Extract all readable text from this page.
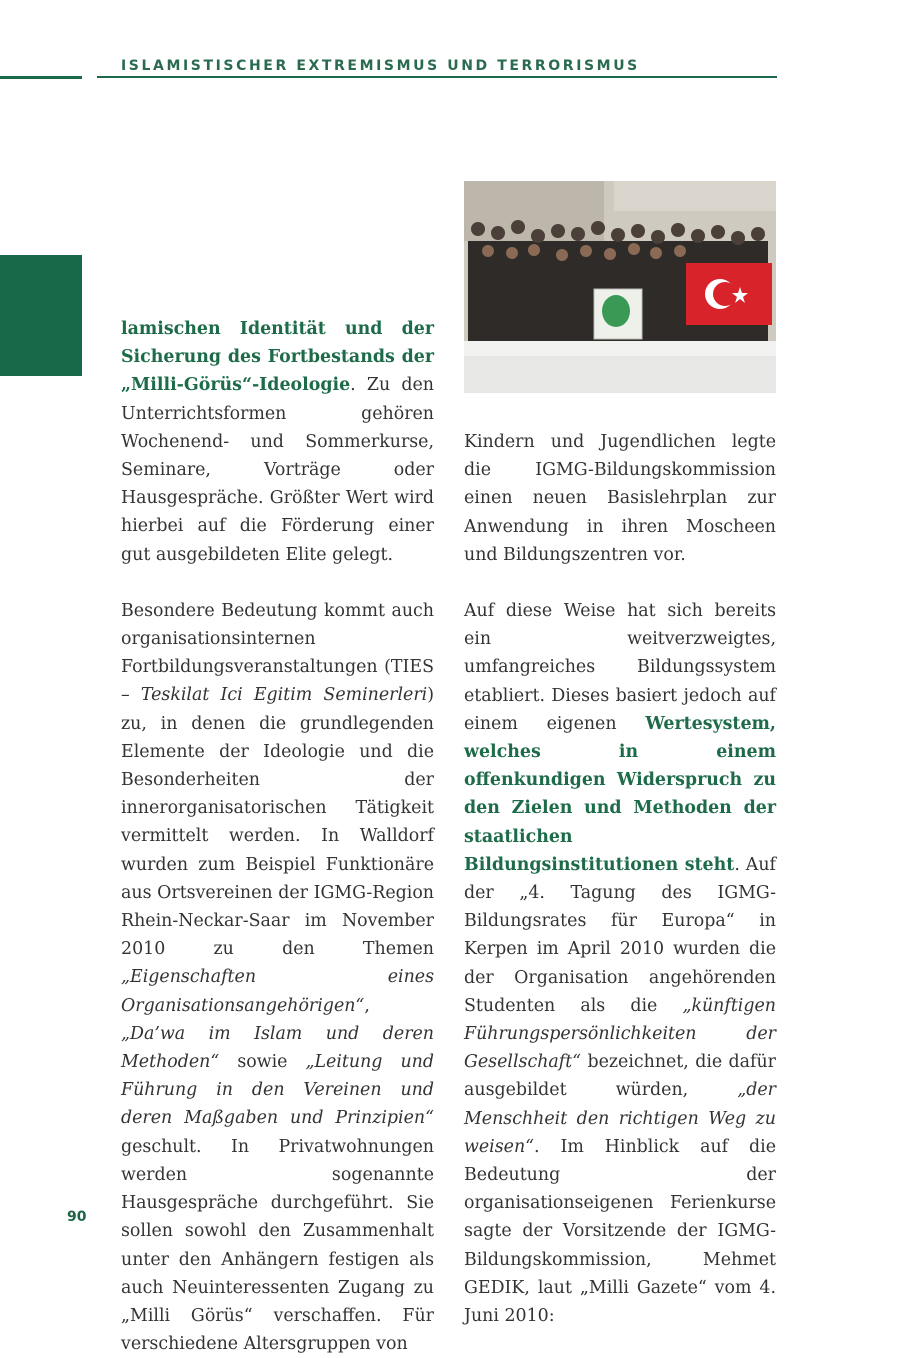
ISLAMISTISCHER EXTREMISMUS UND TERRORISMUS

lamischen Identität und der Sicherung des Fortbestands der „Milli-Görüs“-Ideologie. Zu den Unterrichtsformen gehören Wochenend- und Sommerkurse, Seminare, Vorträge oder Hausgespräche. Größter Wert wird hierbei auf die Förderung einer gut ausgebildeten Elite gelegt.

Besondere Bedeutung kommt auch organisationsinternen Fortbildungsveranstaltungen (TIES – Teskilat Ici Egitim Seminerleri) zu, in denen die grundlegenden Elemente der Ideologie und die Besonderheiten der innerorganisatorischen Tätigkeit vermittelt werden. In Walldorf wurden zum Beispiel Funktionäre aus Ortsvereinen der IGMG-Region Rhein-Neckar-Saar im November 2010 zu den Themen „Eigenschaften eines Organisationsangehörigen“, „Da’wa im Islam und deren Methoden“ sowie „Leitung und Führung in den Vereinen und deren Maßgaben und Prinzipien“ geschult. In Privatwohnungen werden sogenannte Hausgespräche durchgeführt. Sie sollen sowohl den Zusammenhalt unter den Anhängern festigen als auch Neuinteressenten Zugang zu „Milli Görüs“ verschaffen. Für verschiedene Altersgruppen von

Kindern und Jugendlichen legte die IGMG-Bildungskommission einen neuen Basislehrplan zur Anwendung in ihren Moscheen und Bildungszentren vor.

Auf diese Weise hat sich bereits ein weitverzweigtes, umfangreiches Bildungssystem etabliert. Dieses basiert jedoch auf einem eigenen Wertesystem, welches in einem offenkundigen Widerspruch zu den Zielen und Methoden der staatlichen Bildungsinstitutionen steht. Auf der „4. Tagung des IGMG-Bildungsrates für Europa“ in Kerpen im April 2010 wurden die der Organisation angehörenden Studenten als die „künftigen Führungspersönlichkeiten der Gesellschaft“ bezeichnet, die dafür ausgebildet würden, „der Menschheit den richtigen Weg zu weisen“. Im Hinblick auf die Bedeutung der organisationseigenen Ferienkurse sagte der Vorsitzende der IGMG-Bildungskommission, Mehmet GEDIK, laut „Milli Gazete“ vom 4. Juni 2010:

90
